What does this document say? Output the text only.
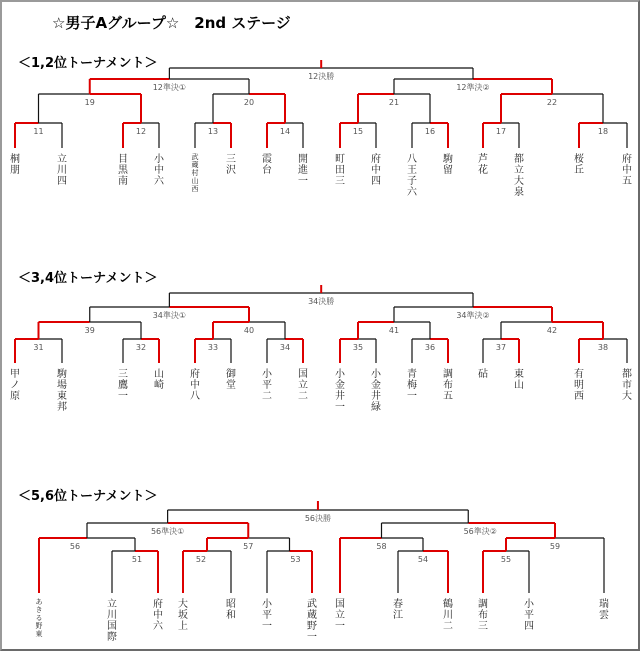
☆男子Aグループ☆　2nd ステージ
＜1,2位トーナメント＞
＜3,4位トーナメント＞
＜5,6位トーナメント＞
11	12	13	14	15	16	17	18
19	20	21	22
12準決①	12準決②
12決勝
桐朋
立川四
目黒南
小中六
武蔵村山西
三沢
霞台
開進一
町田三
府中四
八王子六
駒留
芦花
都立大泉
桜丘
府中五
31	32	33	34	35	36	37	38
39	40	41	42
34準決①	34準決②
34決勝
甲ノ原
駒場東邦
三鷹一
山崎
府中八
御堂
小平二
国立二
小金井一
小金井緑
青梅一
調布五
砧	東山
有明西
都市大
51	52	53	54	55
56	57	58	59
56準決①	56準決②
56決勝
あきる野東
立川国際
府中六
大坂上
昭和
小平一
武蔵野一
国立一
春江
鶴川二
調布三
小平四
瑞雲
